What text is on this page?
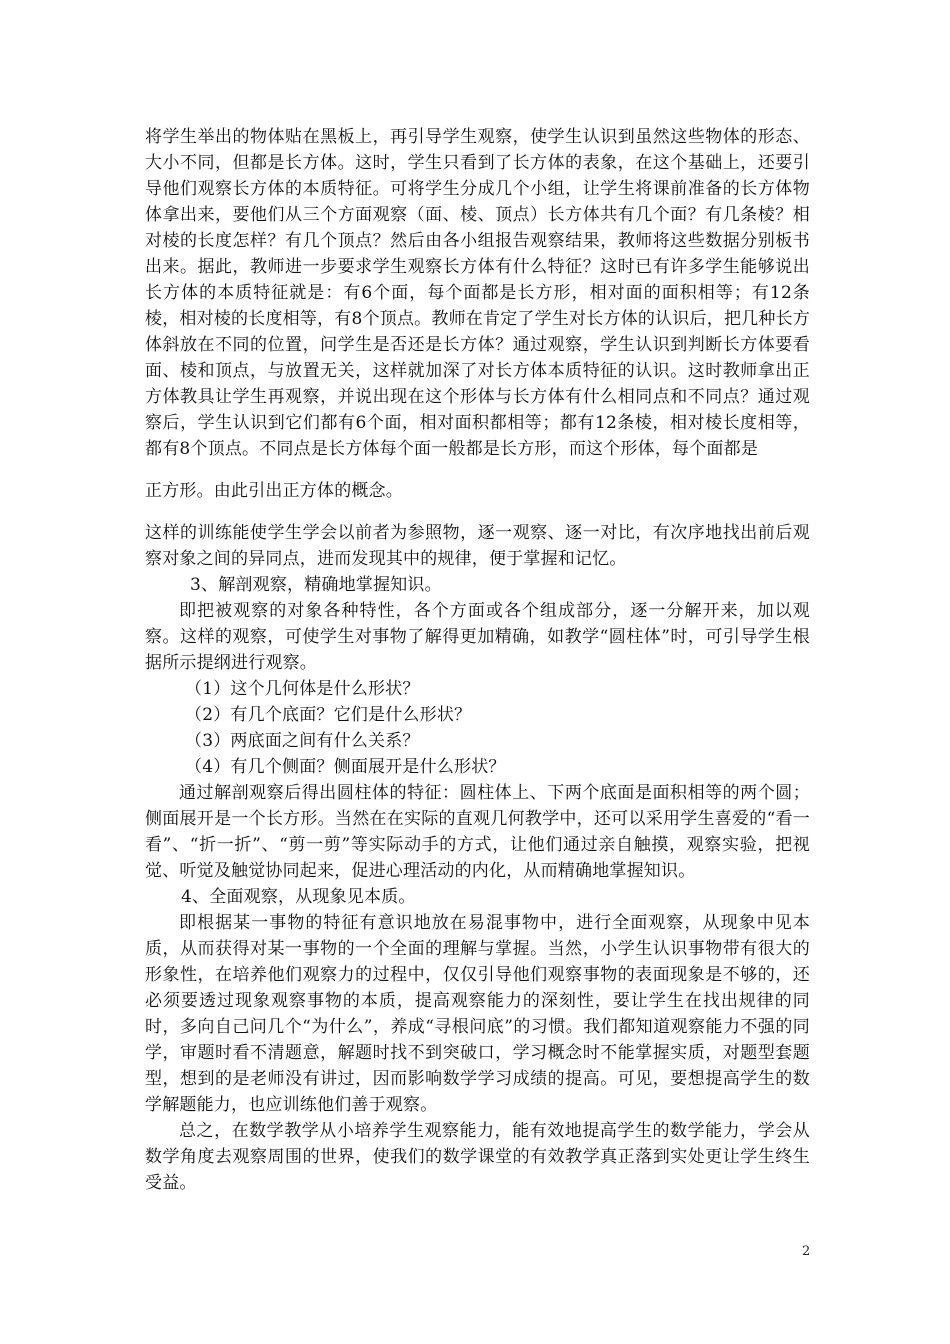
将学生举出的物体贴在黑板上，再引导学生观察，使学生认识到虽然这些物体的形态、大小不同，但都是长方体。这时，学生只看到了长方体的表象，在这个基础上，还要引导他们观察长方体的本质特征。可将学生分成几个小组，让学生将课前准备的长方体物体拿出来，要他们从三个方面观察（面、棱、顶点）长方体共有几个面？有几条棱？相对棱的长度怎样？有几个顶点？然后由各小组报告观察结果，教师将这些数据分别板书出来。据此，教师进一步要求学生观察长方体有什么特征？这时已有许多学生能够说出长方体的本质特征就是：有6个面，每个面都是长方形，相对面的面积相等；有12条棱，相对棱的长度相等，有8个顶点。教师在肯定了学生对长方体的认识后，把几种长方体斜放在不同的位置，问学生是否还是长方体？通过观察，学生认识到判断长方体要看面、棱和顶点，与放置无关，这样就加深了对长方体本质特征的认识。这时教师拿出正方体教具让学生再观察，并说出现在这个形体与长方体有什么相同点和不同点？通过观察后，学生认识到它们都有6个面，相对面积都相等；都有12条棱，相对棱长度相等，都有8个顶点。不同点是长方体每个面一般都是长方形，而这个形体，每个面都是

正方形。由此引出正方体的概念。

这样的训练能使学生学会以前者为参照物，逐一观察、逐一对比，有次序地找出前后观察对象之间的异同点，进而发现其中的规律，便于掌握和记忆。

3、解剖观察，精确地掌握知识。

即把被观察的对象各种特性，各个方面或各个组成部分，逐一分解开来，加以观察。这样的观察，可使学生对事物了解得更加精确，如教学“圆柱体”时，可引导学生根据所示提纲进行观察。

（1）这个几何体是什么形状？

（2）有几个底面？它们是什么形状？

（3）两底面之间有什么关系？

（4）有几个侧面？侧面展开是什么形状？

通过解剖观察后得出圆柱体的特征：圆柱体上、下两个底面是面积相等的两个圆；侧面展开是一个长方形。当然在在实际的直观几何教学中，还可以采用学生喜爱的“看一看”、“折一折”、“剪一剪”等实际动手的方式，让他们通过亲自触摸，观察实验，把视觉、听觉及触觉协同起来，促进心理活动的内化，从而精确地掌握知识。

4、全面观察，从现象见本质。

即根据某一事物的特征有意识地放在易混事物中，进行全面观察，从现象中见本质，从而获得对某一事物的一个全面的理解与掌握。当然，小学生认识事物带有很大的形象性，在培养他们观察力的过程中，仅仅引导他们观察事物的表面现象是不够的，还必须要透过现象观察事物的本质，提高观察能力的深刻性，要让学生在找出规律的同时，多向自己问几个“为什么”，养成“寻根问底”的习惯。我们都知道观察能力不强的同学，审题时看不清题意，解题时找不到突破口，学习概念时不能掌握实质，对题型套题型，想到的是老师没有讲过，因而影响数学学习成绩的提高。可见，要想提高学生的数学解题能力，也应训练他们善于观察。

总之，在数学教学从小培养学生观察能力，能有效地提高学生的数学能力，学会从数学角度去观察周围的世界，使我们的数学课堂的有效教学真正落到实处更让学生终生受益。

2
